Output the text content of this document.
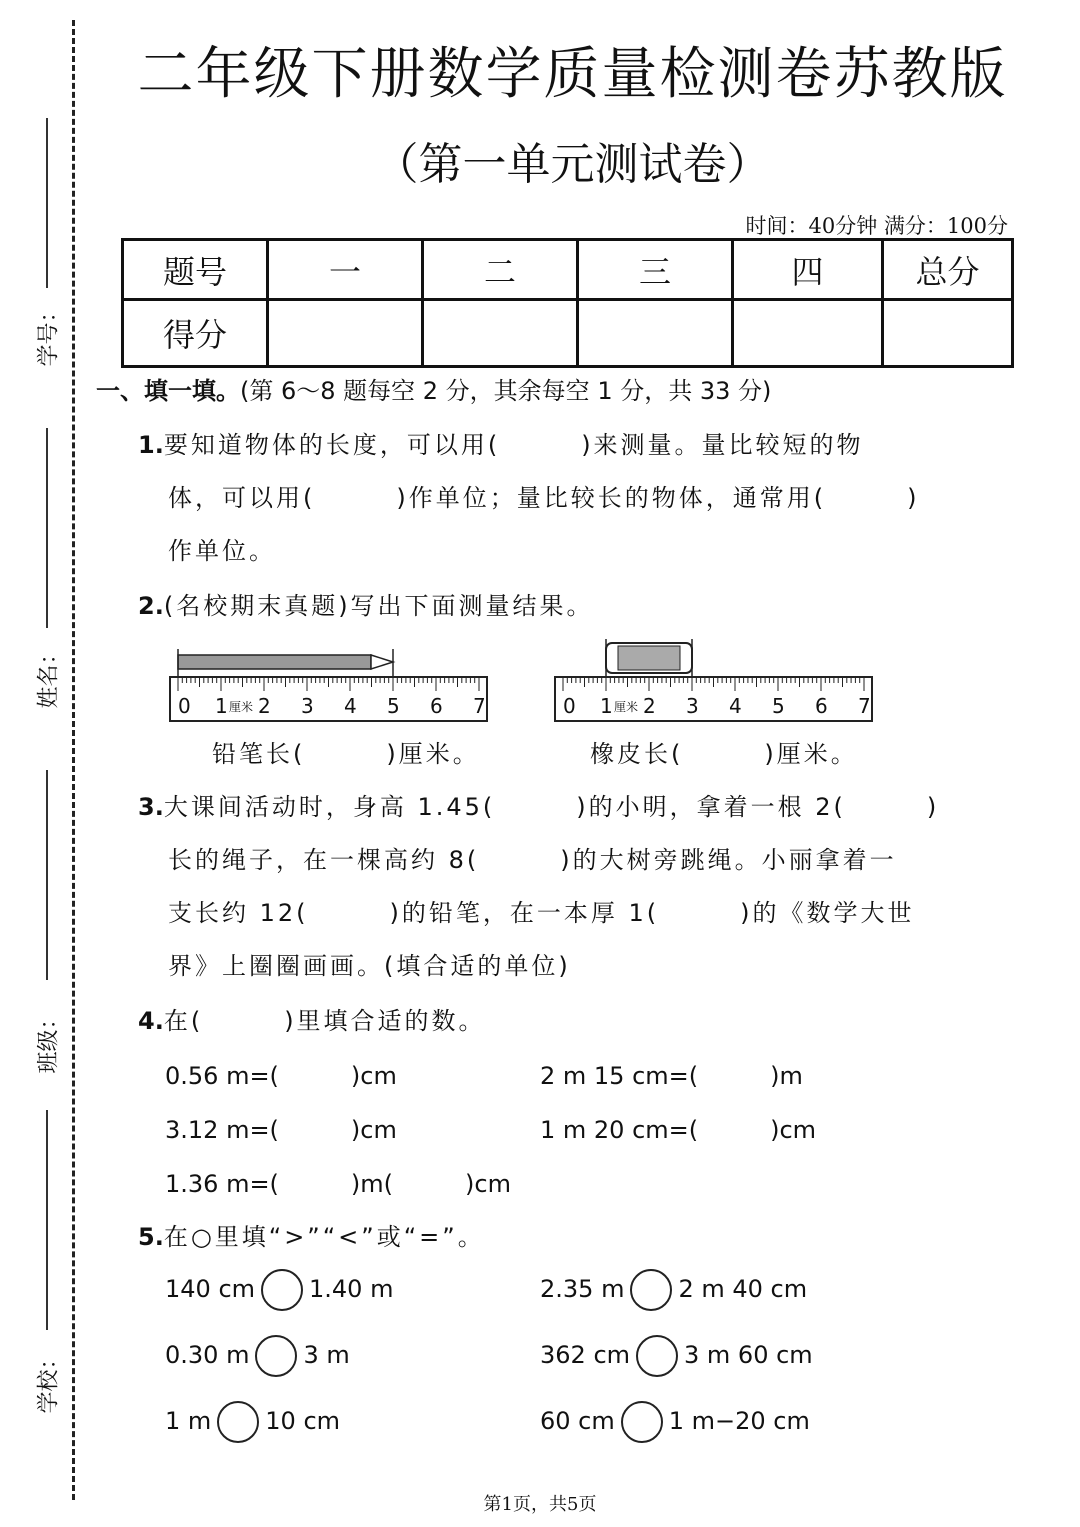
学号：
姓名：
班级：
学校：
二年级下册数学质量检测卷苏教版
（第一单元测试卷）
时间：40分钟 满分：100分
题号	一	二	三	四	总分
得分					
一、填一填。(第 6～8 题每空 2 分，其余每空 1 分，共 33 分)
1.要知道物体的长度，可以用(　　　)来测量。量比较短的物
体，可以用(　　　)作单位；量比较长的物体，通常用(　　　)
作单位。
2.(名校期末真题)写出下面测量结果。
0 1 2 3 4 5 6 7
厘米	0 1 2 3 4 5 6 7
厘米
铅笔长(　　　)厘米。	橡皮长(　　　)厘米。
3.大课间活动时，身高 1.45(　　　)的小明，拿着一根 2(　　　)
长的绳子，在一棵高约 8(　　　)的大树旁跳绳。小丽拿着一
支长约 12(　　　)的铅笔，在一本厚 1(　　　)的《数学大世
界》上圈圈画画。(填合适的单位)
4.在(　　　)里填合适的数。
0.56 m=(　　　)cm	2 m 15 cm=(　　　)m
3.12 m=(　　　)cm	1 m 20 cm=(　　　)cm
1.36 m=(　　　)m(　　　)cm
5.在○里填“>”“<”或“=”。
140 cm 1.40 m	2.35 m 2 m 40 cm
0.30 m 3 m	362 cm 3 m 60 cm
1 m 10 cm	60 cm 1 m−20 cm
第1页，共5页
